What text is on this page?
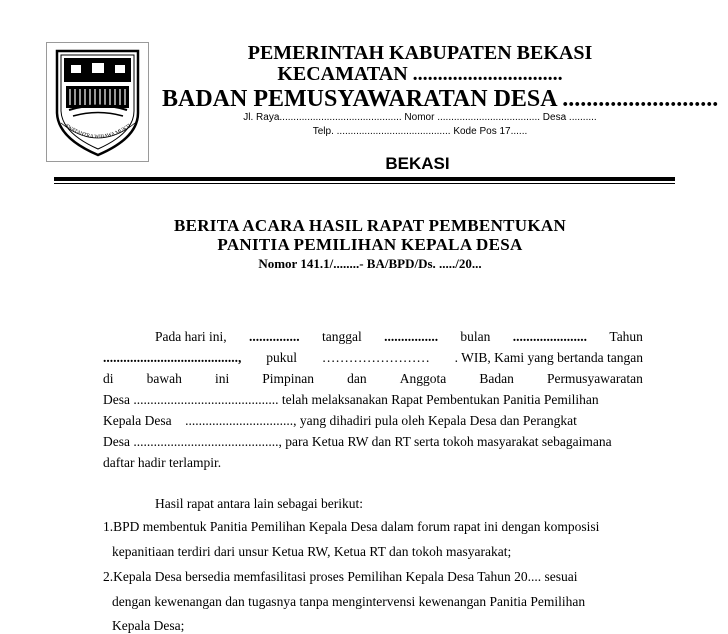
SWATANTRA WIBAWA MUKTI
PEMERINTAH KABUPATEN BEKASI
KECAMATAN ..............................
BADAN PEMUSYAWARATAN DESA ..........................
Jl. Raya............................................ Nomor ..................................... Desa ..........
Telp. ......................................... Kode Pos 17......
BEKASI
BERITA ACARA HASIL RAPAT PEMBENTUKAN
PANITIA PEMILIHAN KEPALA DESA
Nomor 141.1/........- BA/BPD/Ds. ...../20...
Pada hari ini, ............... tanggal ................ bulan ...................... Tahun
........................................, pukul …………………… . WIB, Kami yang bertanda tangan
di bawah ini Pimpinan dan Anggota Badan Permusyawaratan
Desa ........................................... telah melaksanakan Rapat Pembentukan Panitia Pemilihan
Kepala Desa    ................................, yang dihadiri pula oleh Kepala Desa dan Perangkat
Desa ..........................................., para Ketua RW dan RT serta tokoh masyarakat sebagaimana
daftar hadir terlampir.
Hasil rapat antara lain sebagai berikut:
1.BPD membentuk Panitia Pemilihan Kepala Desa dalam forum rapat ini dengan komposisi
kepanitiaan terdiri dari unsur Ketua RW, Ketua RT dan tokoh masyarakat;
2.Kepala Desa bersedia memfasilitasi proses Pemilihan Kepala Desa Tahun 20.... sesuai
dengan kewenangan dan tugasnya tanpa mengintervensi kewenangan Panitia Pemilihan
Kepala Desa;
